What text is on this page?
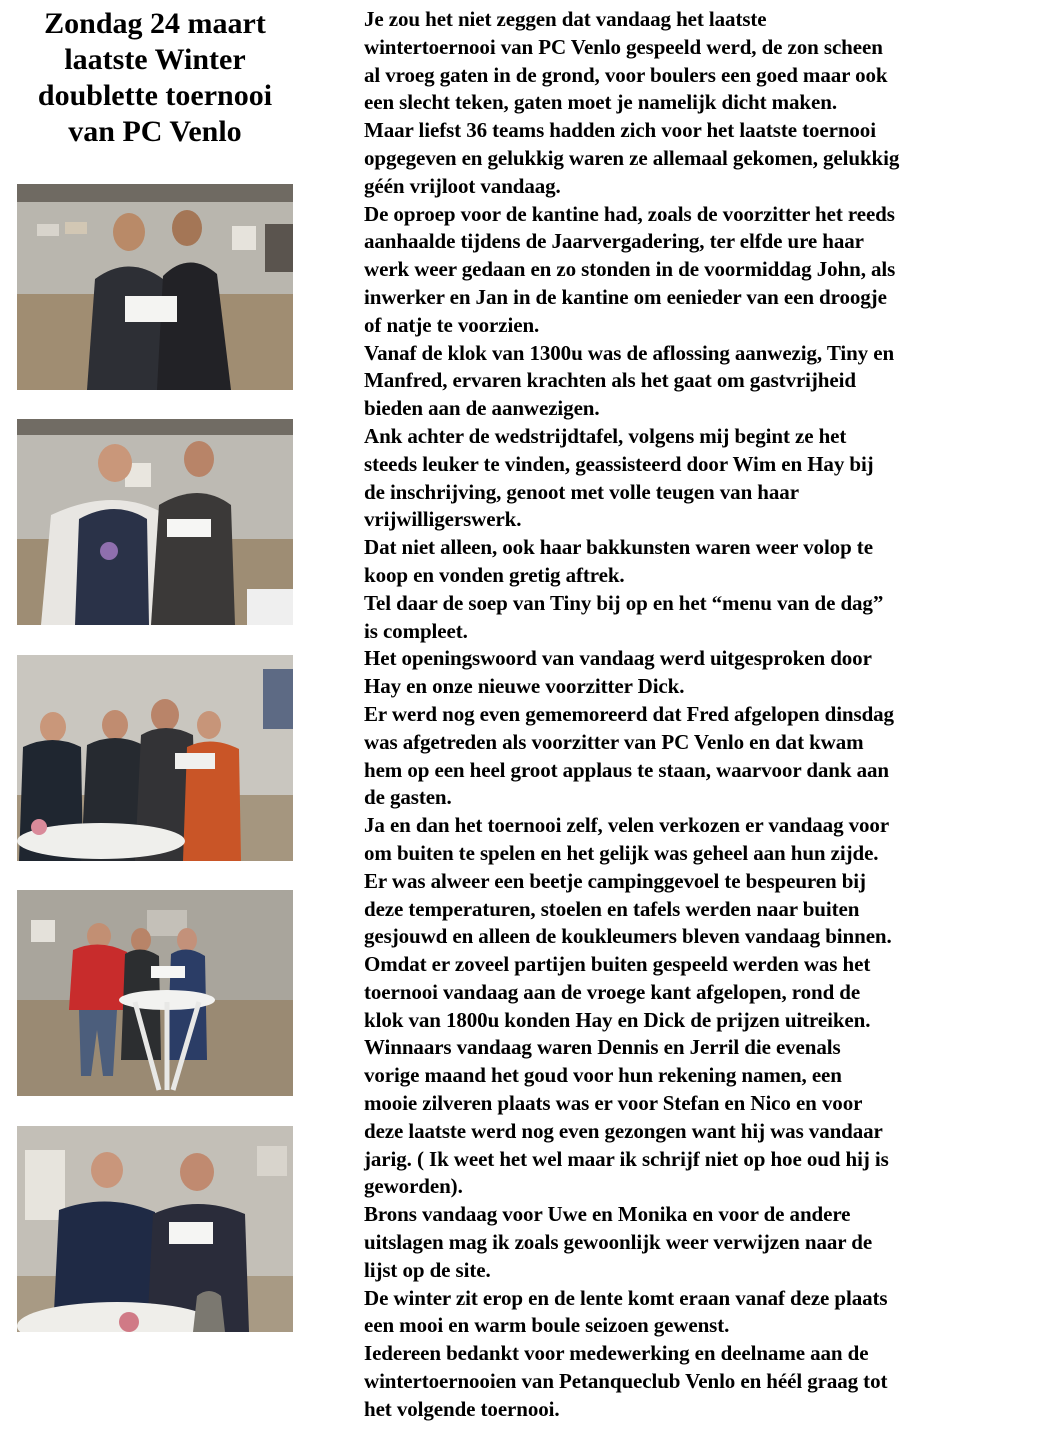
Zondag 24 maart
laatste Winter
doublette toernooi
van PC Venlo

Je zou het niet zeggen dat vandaag het laatste

wintertoernooi van PC Venlo gespeeld werd, de zon scheen

al vroeg gaten in de grond, voor boulers een goed maar ook

een slecht teken, gaten moet je namelijk dicht maken.

Maar liefst 36 teams hadden zich voor het laatste toernooi

opgegeven en gelukkig waren ze allemaal gekomen, gelukkig

géén vrijloot vandaag.

De oproep voor de kantine had, zoals de voorzitter het reeds

aanhaalde tijdens de Jaarvergadering, ter elfde ure haar

werk weer gedaan en zo stonden in de voormiddag John, als

inwerker en Jan in de kantine om eenieder van een droogje

of natje te voorzien.

Vanaf de klok van 1300u was de aflossing aanwezig, Tiny en

Manfred, ervaren krachten als het gaat om gastvrijheid

bieden aan de aanwezigen.

Ank achter de wedstrijdtafel, volgens mij begint ze het

steeds leuker te vinden, geassisteerd door Wim en Hay bij

de inschrijving, genoot met volle teugen van haar

vrijwilligerswerk.

Dat niet alleen, ook haar bakkunsten waren weer volop te

koop en vonden gretig aftrek.

Tel daar de soep van Tiny bij op en het “menu van de dag”

is compleet.

Het openingswoord van vandaag werd uitgesproken door

Hay en onze nieuwe voorzitter Dick.

Er werd nog even gememoreerd dat Fred afgelopen dinsdag

was afgetreden als voorzitter van PC Venlo en dat kwam

hem op een heel groot applaus te staan, waarvoor dank aan

de gasten.

Ja en dan het toernooi zelf, velen verkozen er vandaag voor

om buiten te spelen en het gelijk was geheel aan hun zijde.

Er was alweer een beetje campinggevoel te bespeuren bij

deze temperaturen, stoelen en tafels werden naar buiten

gesjouwd en alleen de koukleumers bleven vandaag binnen.

Omdat er zoveel partijen buiten gespeeld werden was het

toernooi vandaag aan de vroege kant afgelopen, rond de

klok van 1800u konden Hay en Dick de prijzen uitreiken.

Winnaars vandaag waren Dennis en Jerril die evenals

vorige maand het goud voor hun rekening namen, een

mooie zilveren plaats was er voor Stefan en Nico en voor

deze laatste werd nog even gezongen want hij was vandaar

jarig. ( Ik weet het wel maar ik schrijf niet op hoe oud hij is

geworden).

Brons vandaag voor Uwe en Monika en voor de andere

uitslagen mag ik zoals gewoonlijk weer verwijzen naar de

lijst op de site.

De winter zit erop en de lente komt eraan vanaf deze plaats

een mooi en warm boule seizoen gewenst.

Iedereen bedankt voor medewerking en deelname aan de

wintertoernooien van Petanqueclub Venlo en héél graag tot

het volgende toernooi.
